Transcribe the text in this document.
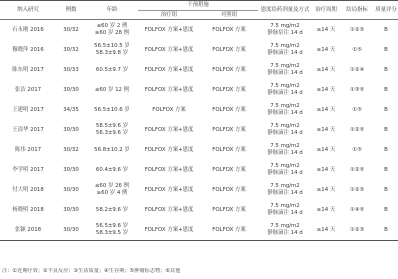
纳入研究	例数	年龄	干预措施		恩度给药剂量及方式	治疗周期	结局指标	质量评分
			治疗组	对照组				
石永刚 2016	30/32	≤60 岁 2 例
≥60 岁 28 例	FOLFOX 方案+恩度	FOLFOX 方案	7.5 mg/m2
静脉泵注 14 d	≥14 天	①②⑤	B
穆晓萍 2016	30/32	56.5±10.5 岁
58.3±9.8 岁	FOLFOX 方案+恩度	FOLFOX 方案	7.5 mg/m2
静脉滴注 14 d	≥14 天	①⑤	B
陈东明 2017	30/33	60.5±9.7 岁	FOLFOX 方案+恩度	FOLFOX 方案	7.5 mg/m2
静脉滴注 14 d	≥14 天	①②④	B
张洁 2017	30/30	≤60 岁 12 例	FOLFOX 方案+恩度	FOLFOX 方案	7.5 mg/m2
静脉滴注 14 d	≥14 天	①③⑤	B
王建明 2017	34/35	56.5±10.6 岁	FOLFOX 方案	FOLFOX 方案	7.5 mg/m2
静脉滴注 14 d	≥14 天	①⑤	B
王清华 2017	30/30	58.5±9.6 岁
56.3±9.6 岁	FOLFOX 方案+恩度	FOLFOX 方案	7.5 mg/m2
静脉滴注 14 d	≥14 天	①②⑤	B
陈伟 2017	30/32	56.8±10.2 岁	FOLFOX 方案+恩度	FOLFOX 方案	7.5 mg/m2
静脉滴注 14 d	≥14 天	①⑤	B
李学明 2017	30/30	60.4±9.6 岁	FOLFOX 方案+恩度	FOLFOX 方案	7.5 mg/m2
静脉滴注 14 d	≥14 天	①②⑤	B
付大明 2018	30/30	≤60 岁 26 例
≥60 岁 4 例	FOLFOX 方案+恩度	FOLFOX 方案	7.5 mg/m2
静脉滴注 14 d	≥14 天	①②⑤	B
杨晓明 2018	30/30	58.2±9.6 岁	FOLFOX 方案+恩度	FOLFOX 方案	7.5 mg/m2
静脉滴注 14 d	≥14 天	①④⑤	B
张颖 2018	30/30	56.5±9.6 岁
58.3±9.5 岁	FOLFOX 方案+恩度	FOLFOX 方案	7.5 mg/m2
静脉滴注 14 d	≥14 天	①②③	B
注：①近期疗效；②不良反应；③生活质量；④生存期；⑤肿瘤标志物；⑥其他
